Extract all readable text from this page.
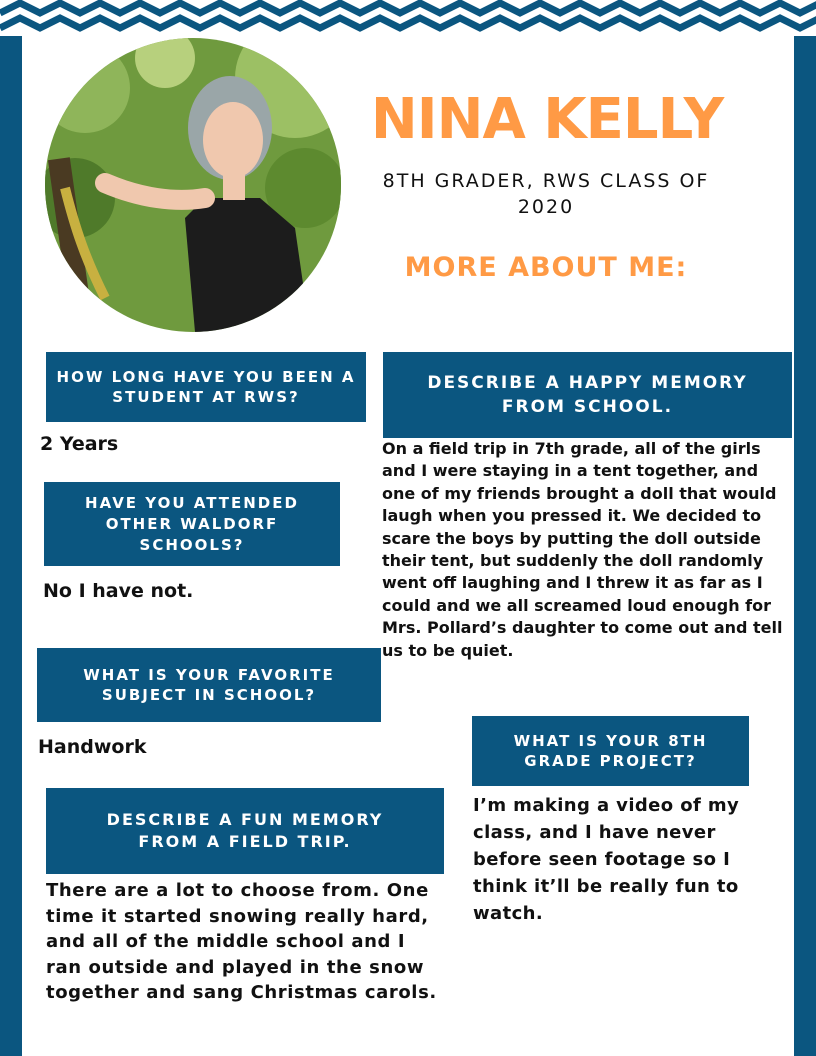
NINA KELLY
8TH GRADER, RWS CLASS OF 2020
MORE ABOUT ME:
HOW LONG HAVE YOU BEEN A STUDENT AT RWS?
2 Years
HAVE YOU ATTENDED OTHER WALDORF SCHOOLS?
No I have not.
WHAT IS YOUR FAVORITE SUBJECT IN SCHOOL?
Handwork
DESCRIBE A FUN MEMORY FROM A FIELD TRIP.
There are a lot to choose from. One time it started snowing really hard, and all of the middle school and I ran outside and played in the snow together and sang Christmas carols.
DESCRIBE A HAPPY MEMORY FROM SCHOOL.
On a field trip in 7th grade, all of the girls and I were staying in a tent together, and one of my friends brought a doll that would laugh when you pressed it. We decided to scare the boys by putting the doll outside their tent, but suddenly the doll randomly went off laughing and I threw it as far as I could and we all screamed loud enough for Mrs. Pollard’s daughter to come out and tell us to be quiet.
WHAT IS YOUR 8TH GRADE PROJECT?
I’m making a video of my class, and I have never before seen footage so I think it’ll be really fun to watch.
